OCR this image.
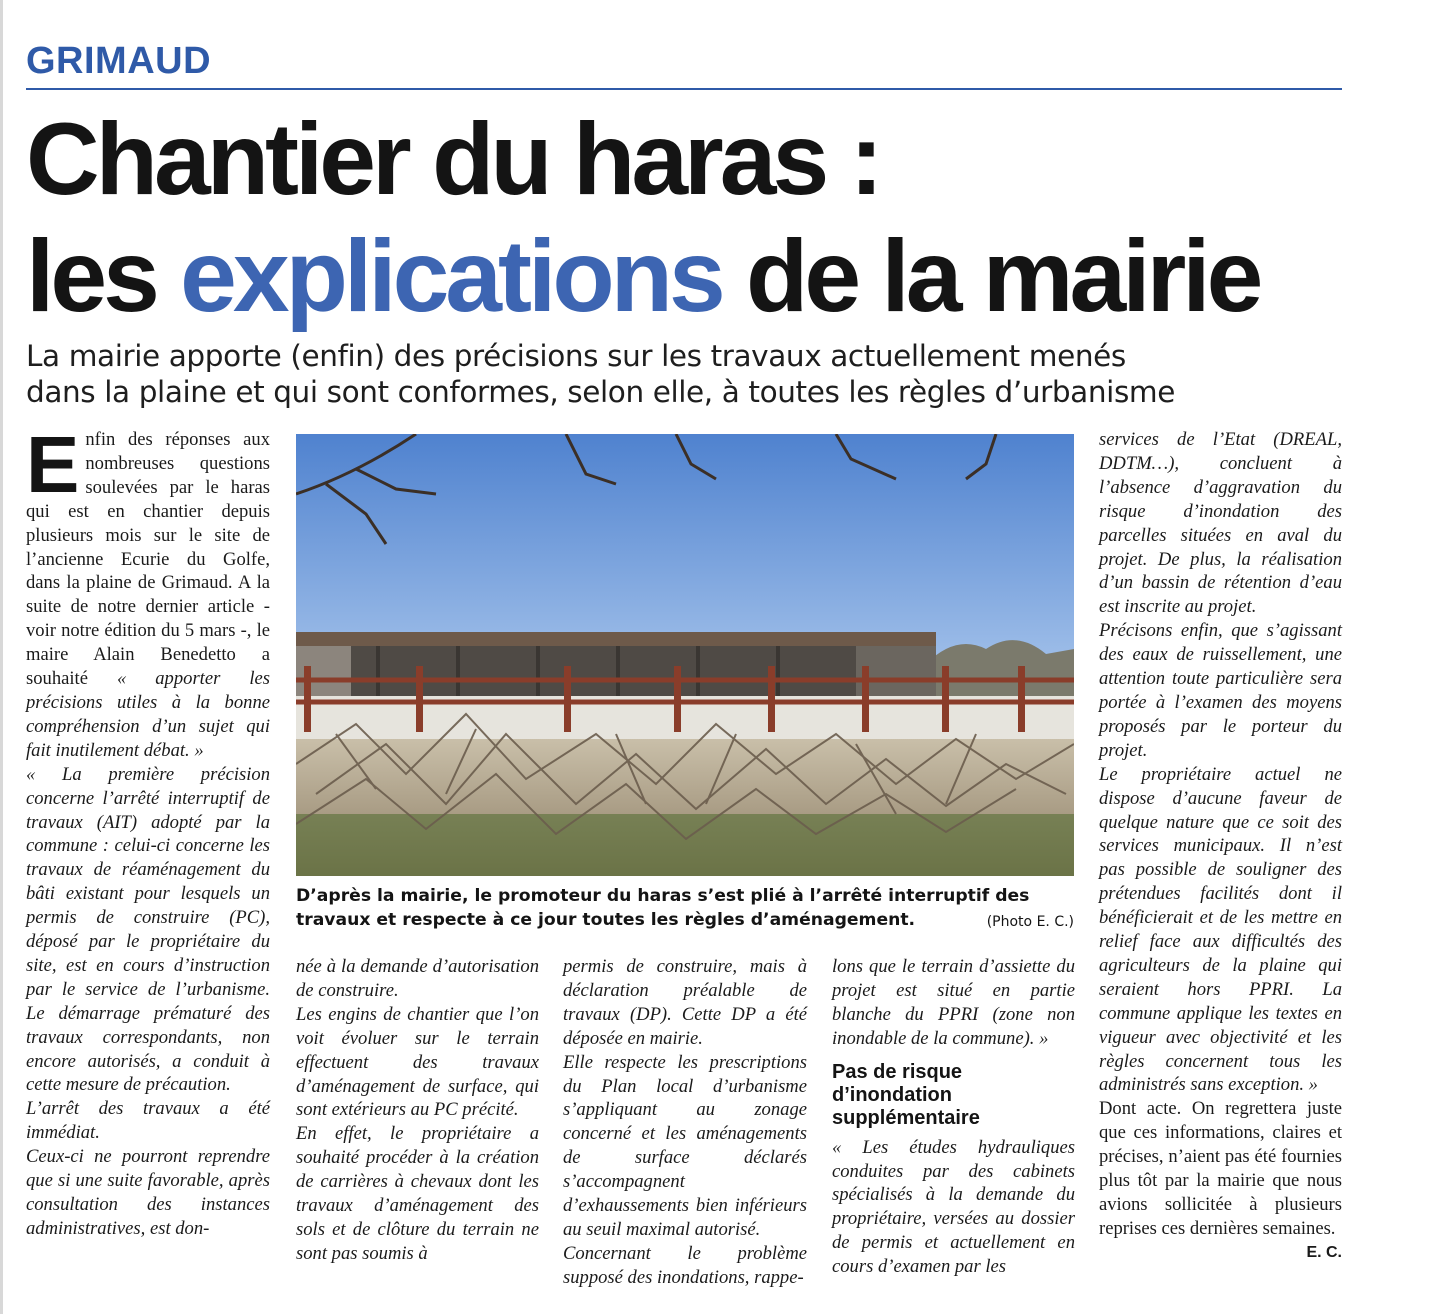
GRIMAUD
Chantier du haras :
les explications de la mairie
La mairie apporte (enfin) des précisions sur les travaux actuellement menés
dans la plaine et qui sont conformes, selon elle, à toutes les règles d’urbanisme

Enfin des réponses aux nombreuses questions soulevées par le haras qui est en chantier depuis plusieurs mois sur le site de l’ancienne Ecurie du Golfe, dans la plaine de Grimaud. A la suite de notre dernier article - voir notre édition du 5 mars -, le maire Alain Benedetto a souhaité « apporter les précisions utiles à la bonne compréhension d’un sujet qui fait inutilement débat. »

« La première précision concerne l’arrêté interruptif de travaux (AIT) adopté par la commune : celui-ci concerne les travaux de réaménagement du bâti existant pour lesquels un permis de construire (PC), déposé par le propriétaire du site, est en cours d’instruction par le service de l’urbanisme. Le démarrage prématuré des travaux correspondants, non encore autorisés, a conduit à cette mesure de précaution.

L’arrêt des travaux a été immédiat.

Ceux-ci ne pourront reprendre que si une suite favorable, après consultation des instances administratives, est don-

D’après la mairie, le promoteur du haras s’est plié à l’arrêté interruptif des travaux et respecte à ce jour toutes les règles d’aménagement.	(Photo E. C.)

née à la demande d’autorisation de construire.

Les engins de chantier que l’on voit évoluer sur le terrain effectuent des travaux d’aménagement de surface, qui sont extérieurs au PC précité.

En effet, le propriétaire a souhaité procéder à la création de carrières à chevaux dont les travaux d’aménagement des sols et de clôture du terrain ne sont pas soumis à

permis de construire, mais à déclaration préalable de travaux (DP). Cette DP a été déposée en mairie.

Elle respecte les prescriptions du Plan local d’urbanisme s’appliquant au zonage concerné et les aménagements de surface déclarés s’accompagnent d’exhaussements bien inférieurs au seuil maximal autorisé.

Concernant le problème supposé des inondations, rappe-

lons que le terrain d’assiette du projet est situé en partie blanche du PPRI (zone non inondable de la commune). »

Pas de risque d’inondation supplémentaire

« Les études hydrauliques conduites par des cabinets spécialisés à la demande du propriétaire, versées au dossier de permis et actuellement en cours d’examen par les

services de l’Etat (DREAL, DDTM…), concluent à l’absence d’aggravation du risque d’inondation des parcelles situées en aval du projet. De plus, la réalisation d’un bassin de rétention d’eau est inscrite au projet.

Précisons enfin, que s’agissant des eaux de ruissellement, une attention toute particulière sera portée à l’examen des moyens proposés par le porteur du projet.

Le propriétaire actuel ne dispose d’aucune faveur de quelque nature que ce soit des services municipaux. Il n’est pas possible de souligner des prétendues facilités dont il bénéficierait et de les mettre en relief face aux difficultés des agriculteurs de la plaine qui seraient hors PPRI. La commune applique les textes en vigueur avec objectivité et les règles concernent tous les administrés sans exception. »

Dont acte. On regrettera juste que ces informations, claires et précises, n’aient pas été fournies plus tôt par la mairie que nous avions sollicitée à plusieurs reprises ces dernières semaines.

E. C.
